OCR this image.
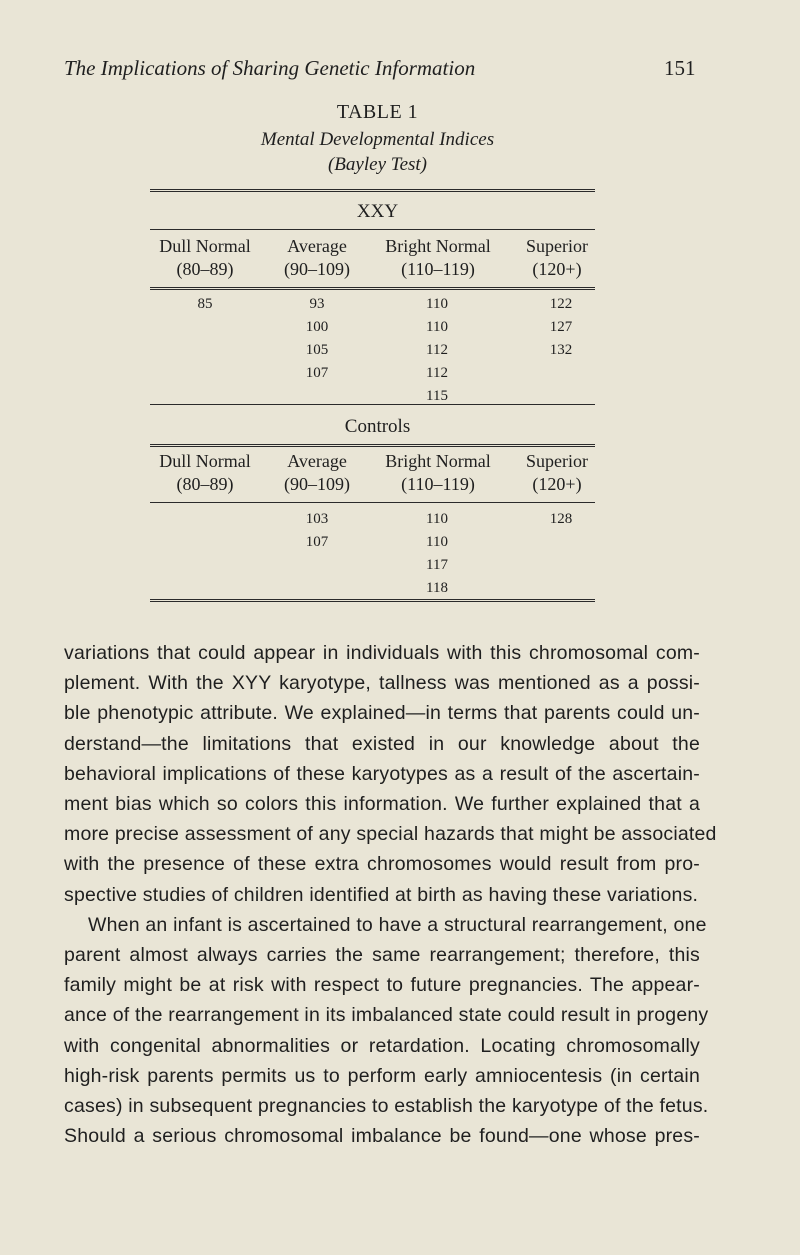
The Implications of Sharing Genetic Information	151
TABLE 1
Mental Developmental Indices
(Bayley Test)
XXY
Dull Normal
(80–89)
Average
(90–109)
Bright Normal
(110–119)
Superior
(120+)
85	93
100
105
107
110
110
112
112
115
122
127
132
Controls
Dull Normal
(80–89)
Average
(90–109)
Bright Normal
(110–119)
Superior
(120+)
103
107
110
110
117
118
128
variations that could appear in individuals with this chromosomal com-
plement. With the XYY karyotype, tallness was mentioned as a possi-
ble phenotypic attribute. We explained—in terms that parents could un-
derstand—the limitations that existed in our knowledge about the
behavioral implications of these karyotypes as a result of the ascertain-
ment bias which so colors this information. We further explained that a
more precise assessment of any special hazards that might be associated
with the presence of these extra chromosomes would result from pro-
spective studies of children identified at birth as having these variations.
When an infant is ascertained to have a structural rearrangement, one
parent almost always carries the same rearrangement; therefore, this
family might be at risk with respect to future pregnancies. The appear-
ance of the rearrangement in its imbalanced state could result in progeny
with congenital abnormalities or retardation. Locating chromosomally
high-risk parents permits us to perform early amniocentesis (in certain
cases) in subsequent pregnancies to establish the karyotype of the fetus.
Should a serious chromosomal imbalance be found—one whose pres-
